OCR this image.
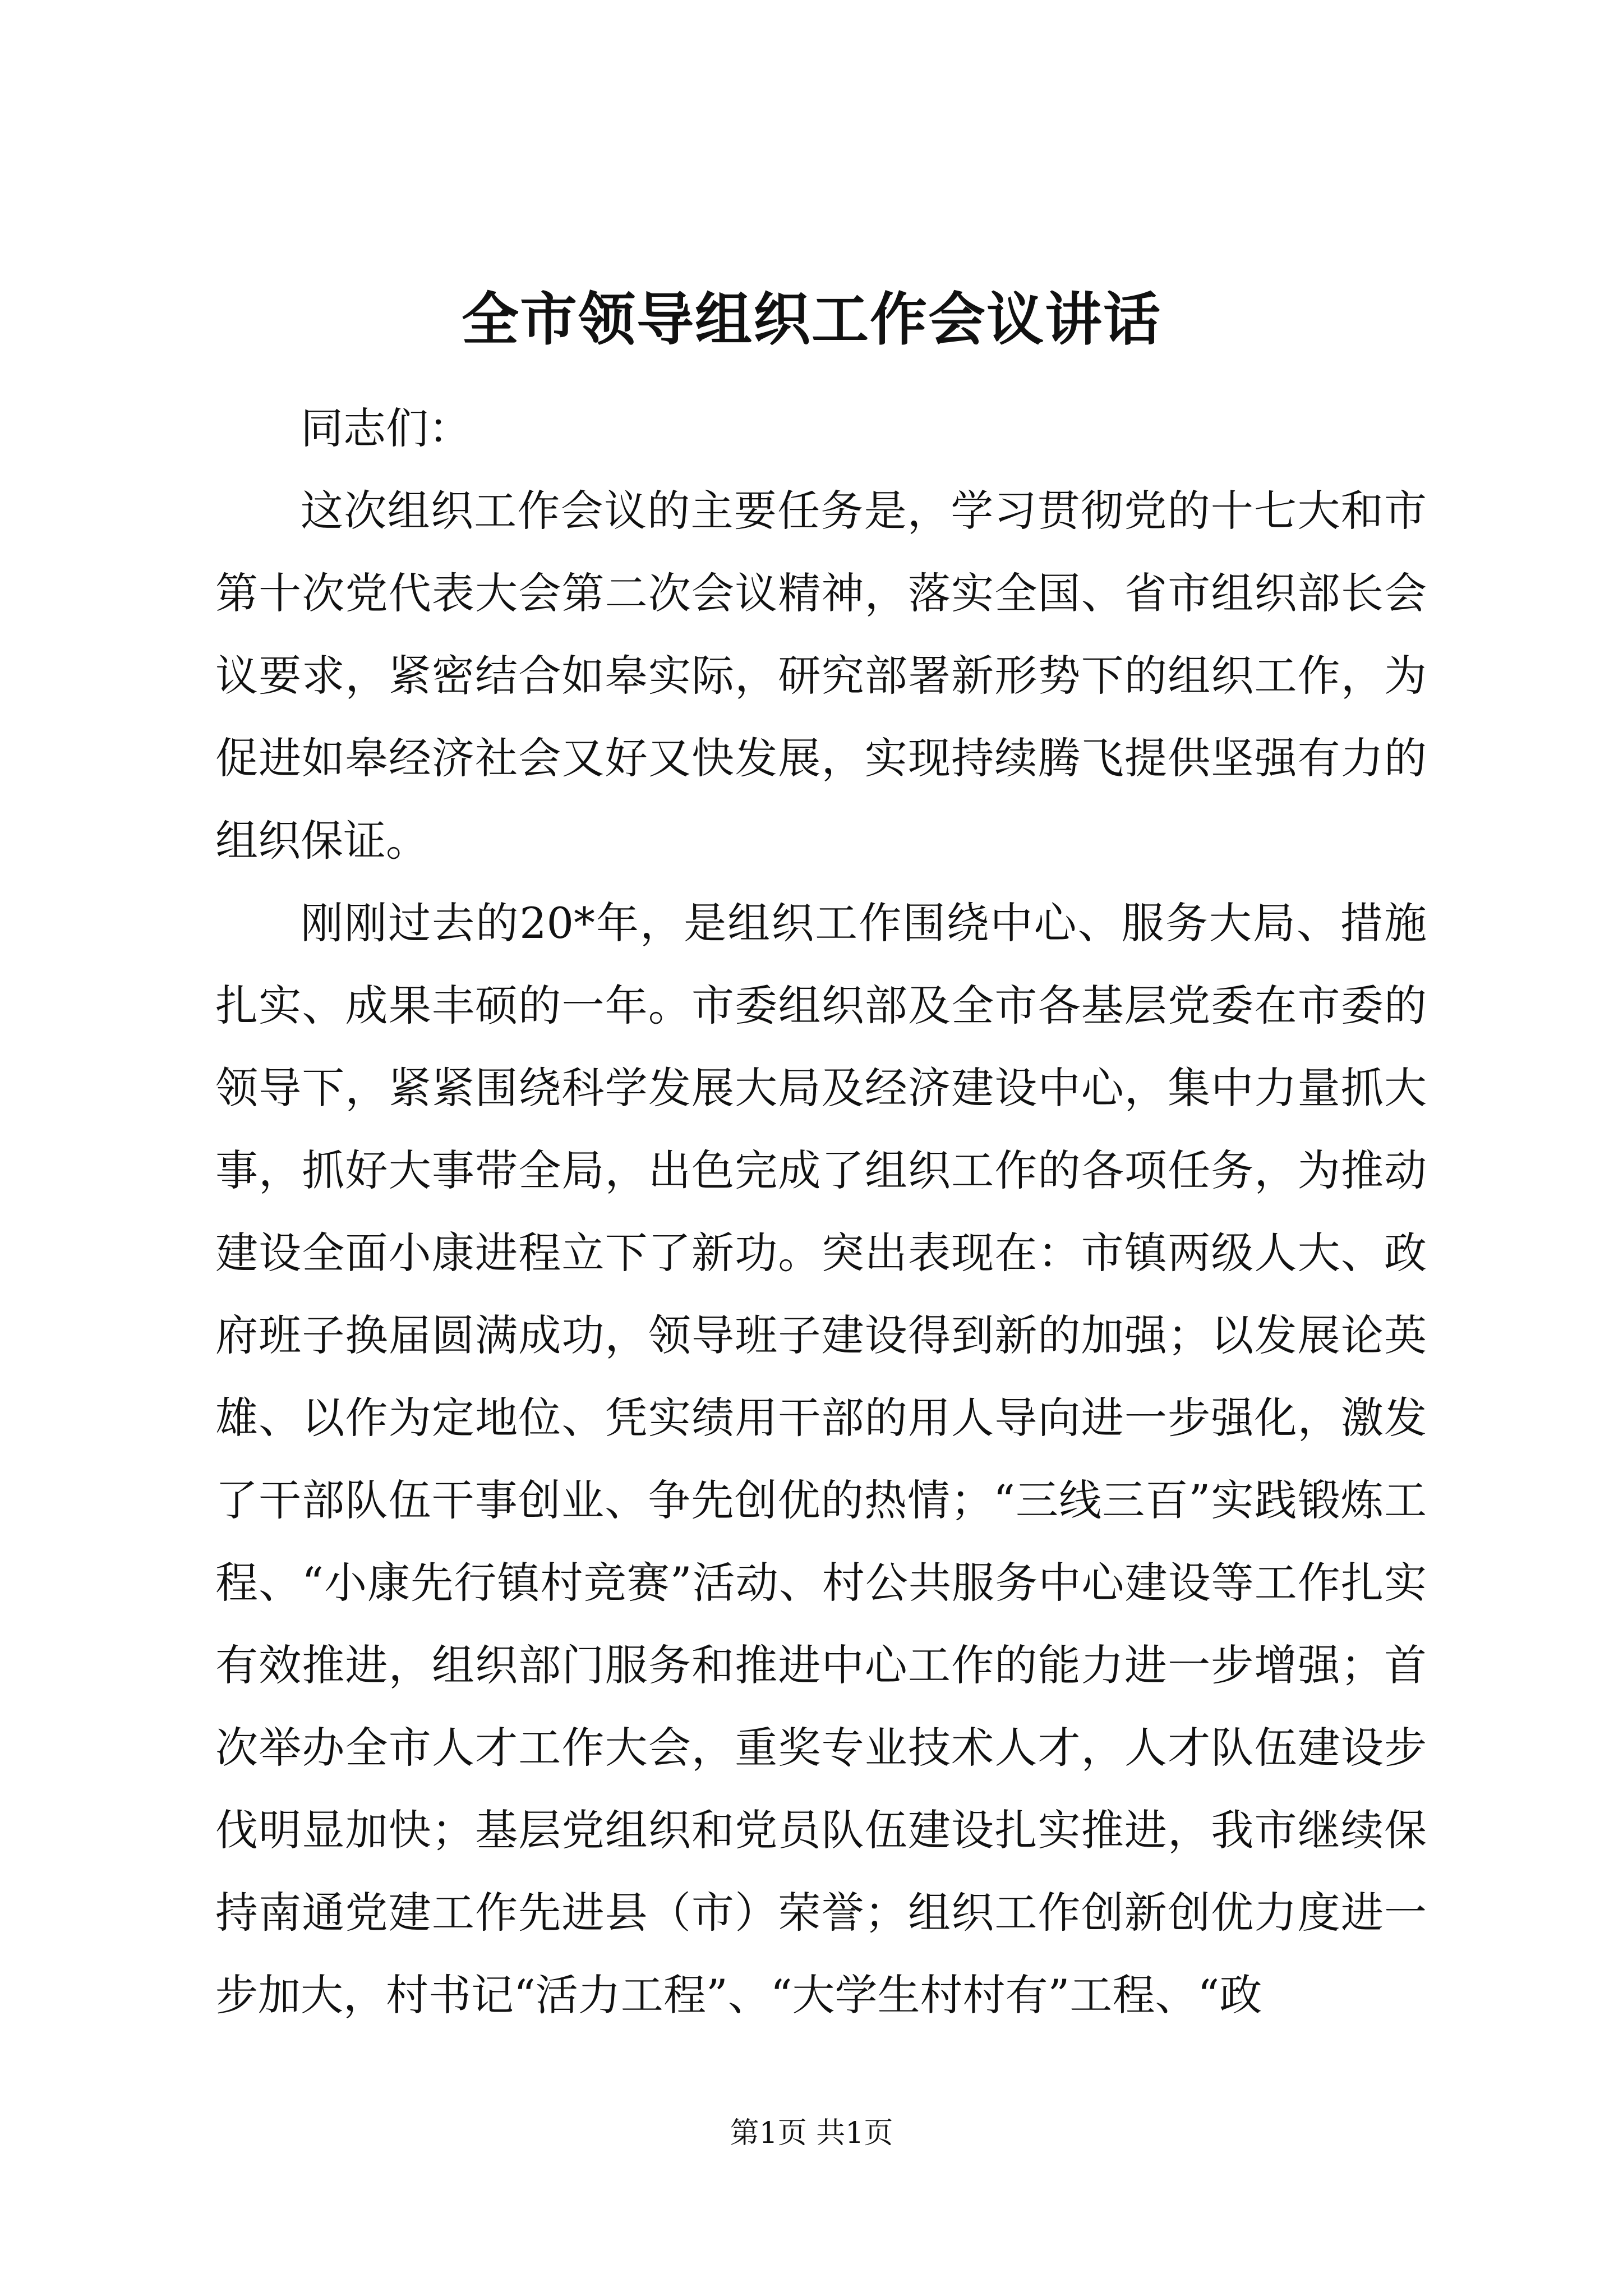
全市领导组织工作会议讲话

同志们：

这次组织工作会议的主要任务是，学习贯彻党的十七大和市第十次党代表大会第二次会议精神，落实全国、省市组织部长会议要求，紧密结合如皋实际，研究部署新形势下的组织工作，为促进如皋经济社会又好又快发展，实现持续腾飞提供坚强有力的组织保证。

刚刚过去的20*年，是组织工作围绕中心、服务大局、措施扎实、成果丰硕的一年。市委组织部及全市各基层党委在市委的领导下，紧紧围绕科学发展大局及经济建设中心，集中力量抓大事，抓好大事带全局，出色完成了组织工作的各项任务，为推动建设全面小康进程立下了新功。突出表现在：市镇两级人大、政府班子换届圆满成功，领导班子建设得到新的加强；以发展论英雄、以作为定地位、凭实绩用干部的用人导向进一步强化，激发了干部队伍干事创业、争先创优的热情；“三线三百”实践锻炼工程、“小康先行镇村竞赛”活动、村公共服务中心建设等工作扎实有效推进，组织部门服务和推进中心工作的能力进一步增强；首次举办全市人才工作大会，重奖专业技术人才，人才队伍建设步伐明显加快；基层党组织和党员队伍建设扎实推进，我市继续保持南通党建工作先进县（市）荣誉；组织工作创新创优力度进一步加大，村书记“活力工程”、“大学生村村有”工程、“政

第1页 共1页
